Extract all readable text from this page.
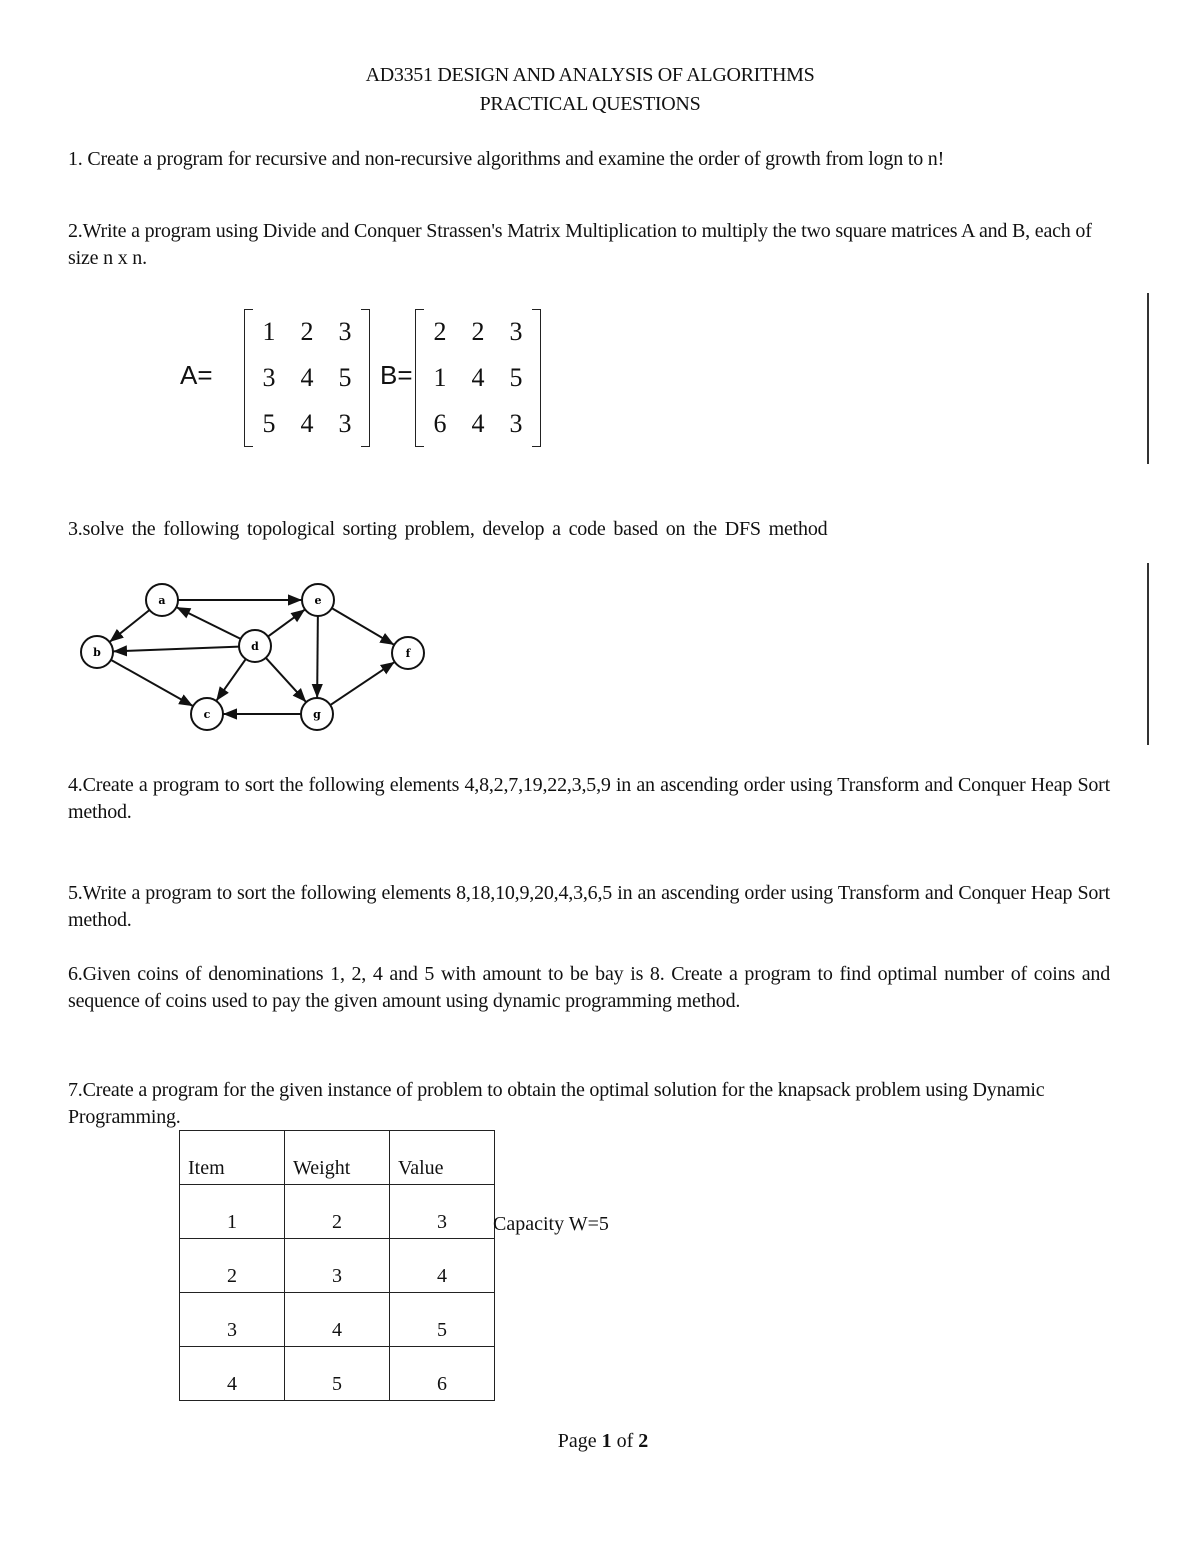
AD3351 DESIGN AND ANALYSIS OF ALGORITHMS
PRACTICAL QUESTIONS
1. Create a program for recursive and non-recursive algorithms and examine the order of growth from logn to n!
2.Write a program using Divide and Conquer Strassen's Matrix Multiplication to multiply the two square matrices A and B, each of size n x n.
A=
1 2 3
3 4 5
5 4 3
B=
2 2 3
1 4 5
6 4 3
3.solve the following topological sorting problem, develop a code based on the DFS method
a
b
c
d
e
f
g
4.Create a program to sort the following elements 4,8,2,7,19,22,3,5,9 in an ascending order using Transform and Conquer Heap Sort method.
5.Write a program to sort the following elements 8,18,10,9,20,4,3,6,5 in an ascending order using Transform and Conquer Heap Sort method.
6.Given coins of denominations 1, 2, 4 and 5 with amount to be bay is 8. Create a program to find optimal number of coins and sequence of coins used to pay the given amount using dynamic programming method.
7.Create a program for the given instance of problem to obtain the optimal solution for the knapsack problem using Dynamic Programming.
Item	Weight	Value
1	2	3
2	3	4
3	4	5
4	5	6
Capacity W=5
Page 1 of 2
